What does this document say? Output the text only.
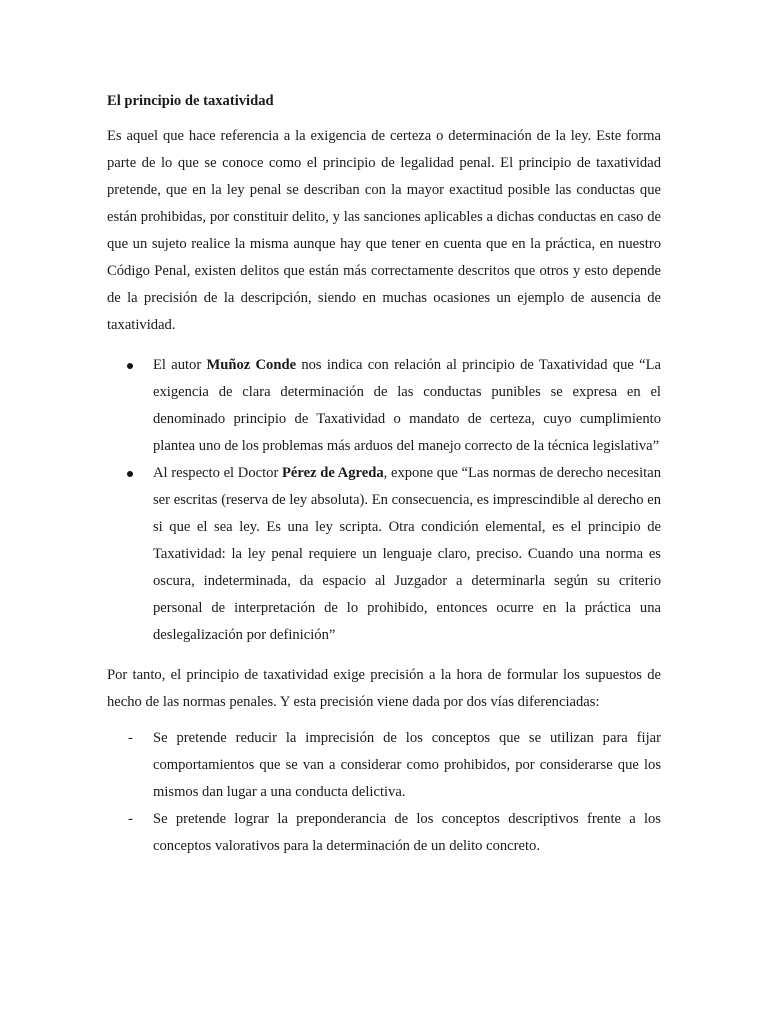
El principio de taxatividad

Es aquel que hace referencia a la exigencia de certeza o determinación de la ley. Este forma parte de lo que se conoce como el principio de legalidad penal. El principio de taxatividad pretende, que en la ley penal se describan con la mayor exactitud posible las conductas que están prohibidas, por constituir delito, y las sanciones aplicables a dichas conductas en caso de que un sujeto realice la misma aunque hay que tener en cuenta que en la práctica, en nuestro Código Penal, existen delitos que están más correctamente descritos que otros y esto depende de la precisión de la descripción, siendo en muchas ocasiones un ejemplo de ausencia de taxatividad.

El autor Muñoz Conde nos indica con relación al principio de Taxatividad que “La exigencia de clara determinación de las conductas punibles se expresa en el denominado principio de Taxatividad o mandato de certeza, cuyo cumplimiento plantea uno de los problemas más arduos del manejo correcto de la técnica legislativa”
Al respecto el Doctor Pérez de Agreda, expone que “Las normas de derecho necesitan ser escritas (reserva de ley absoluta). En consecuencia, es imprescindible al derecho en si que el sea ley. Es una ley scripta. Otra condición elemental, es el principio de Taxatividad: la ley penal requiere un lenguaje claro, preciso. Cuando una norma es oscura, indeterminada, da espacio al Juzgador a determinarla según su criterio personal de interpretación de lo prohibido, entonces ocurre en la práctica una deslegalización por definición”

Por tanto, el principio de taxatividad exige precisión a la hora de formular los supuestos de hecho de las normas penales. Y esta precisión viene dada por dos vías diferenciadas:

- Se pretende reducir la imprecisión de los conceptos que se utilizan para fijar comportamientos que se van a considerar como prohibidos, por considerarse que los mismos dan lugar a una conducta delictiva.
- Se pretende lograr la preponderancia de los conceptos descriptivos frente a los conceptos valorativos para la determinación de un delito concreto.
